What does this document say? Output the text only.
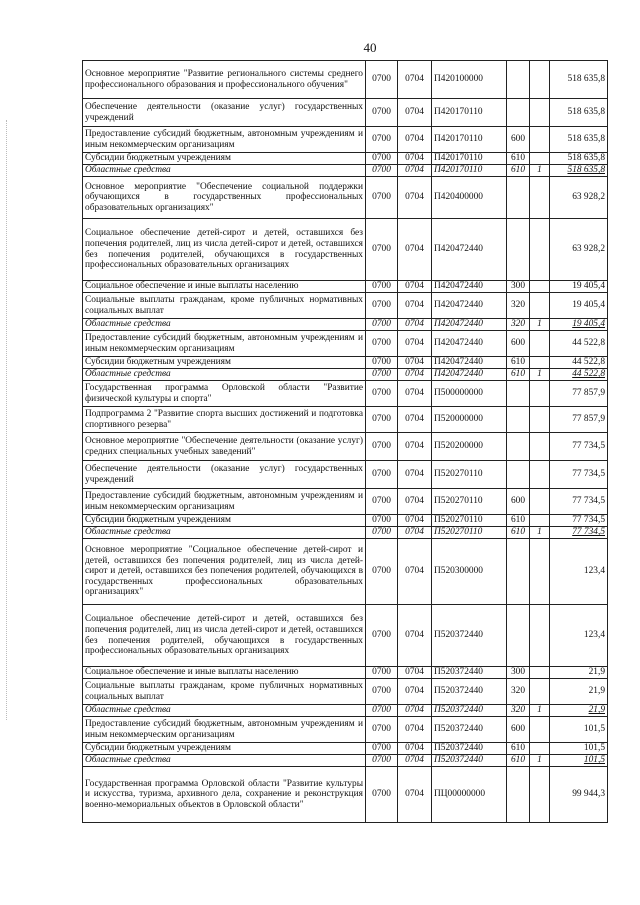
40
Основное мероприятие "Развитие регионального системы среднего профессионального образования и профессионального обучения"	0700	0704	П420100000			518 635,8
Обеспечение деятельности (оказание услуг) государственных учреждений	0700	0704	П420170110			518 635,8
Предоставление субсидий бюджетным, автономным учреждениям и иным некоммерческим организациям	0700	0704	П420170110	600		518 635,8
Субсидии бюджетным учреждениям	0700	0704	П420170110	610		518 635,8
Областные средства	0700	0704	П420170110	610	1	518 635,8
Основное мероприятие "Обеспечение социальной поддержки обучающихся в государственных профессиональных образовательных организациях"	0700	0704	П420400000			63 928,2
Социальное обеспечение детей-сирот и детей, оставшихся без попечения родителей, лиц из числа детей-сирот и детей, оставшихся без попечения родителей, обучающихся в государственных профессиональных образовательных организациях	0700	0704	П420472440			63 928,2
Социальное обеспечение и иные выплаты населению	0700	0704	П420472440	300		19 405,4
Социальные выплаты гражданам, кроме публичных нормативных социальных выплат	0700	0704	П420472440	320		19 405,4
Областные средства	0700	0704	П420472440	320	1	19 405,4
Предоставление субсидий бюджетным, автономным учреждениям и иным некоммерческим организациям	0700	0704	П420472440	600		44 522,8
Субсидии бюджетным учреждениям	0700	0704	П420472440	610		44 522,8
Областные средства	0700	0704	П420472440	610	1	44 522,8
Государственная программа Орловской области "Развитие физической культуры и спорта"	0700	0704	П500000000			77 857,9
Подпрограмма 2 "Развитие спорта высших достижений и подготовка спортивного резерва"	0700	0704	П520000000			77 857,9
Основное мероприятие "Обеспечение деятельности (оказание услуг) средних специальных учебных заведений"	0700	0704	П520200000			77 734,5
Обеспечение деятельности (оказание услуг) государственных учреждений	0700	0704	П520270110			77 734,5
Предоставление субсидий бюджетным, автономным учреждениям и иным некоммерческим организациям	0700	0704	П520270110	600		77 734,5
Субсидии бюджетным учреждениям	0700	0704	П520270110	610		77 734,5
Областные средства	0700	0704	П520270110	610	1	77 734,5
Основное мероприятие "Социальное обеспечение детей-сирот и детей, оставшихся без попечения родителей, лиц из числа детей-сирот и детей, оставшихся без попечения родителей, обучающихся в государственных профессиональных образовательных организациях"	0700	0704	П520300000			123,4
Социальное обеспечение детей-сирот и детей, оставшихся без попечения родителей, лиц из числа детей-сирот и детей, оставшихся без попечения родителей, обучающихся в государственных профессиональных образовательных организациях	0700	0704	П520372440			123,4
Социальное обеспечение и иные выплаты населению	0700	0704	П520372440	300		21,9
Социальные выплаты гражданам, кроме публичных нормативных социальных выплат	0700	0704	П520372440	320		21,9
Областные средства	0700	0704	П520372440	320	1	21,9
Предоставление субсидий бюджетным, автономным учреждениям и иным некоммерческим организациям	0700	0704	П520372440	600		101,5
Субсидии бюджетным учреждениям	0700	0704	П520372440	610		101,5
Областные средства	0700	0704	П520372440	610	1	101,5
Государственная программа Орловской области "Развитие культуры и искусства, туризма, архивного дела, сохранение и реконструкция военно-мемориальных объектов в Орловской области"	0700	0704	ПЦ00000000			99 944,3
